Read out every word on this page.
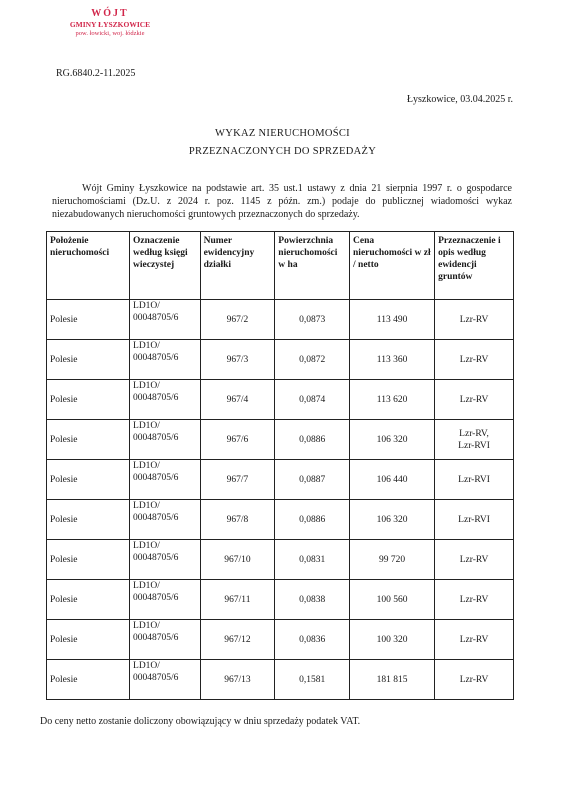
WÓJT
GMINY ŁYSZKOWICE
pow. łowicki, woj. łódzkie
RG.6840.2-11.2025
Łyszkowice, 03.04.2025 r.
WYKAZ NIERUCHOMOŚCI
PRZEZNACZONYCH DO SPRZEDAŻY
Wójt Gminy Łyszkowice na podstawie art. 35 ust.1 ustawy z dnia 21 sierpnia 1997 r. o gospodarce nieruchomościami (Dz.U. z 2024 r. poz. 1145 z późn. zm.) podaje do publicznej wiadomości wykaz niezabudowanych nieruchomości gruntowych przeznaczonych do sprzedaży.
Położenie nieruchomości	Oznaczenie według księgi wieczystej	Numer ewidencyjny działki	Powierzchnia nieruchomości w ha	Cena nieruchomości w zł / netto	Przeznaczenie i opis według ewidencji gruntów
Polesie	LD1O/
00048705/6	967/2	0,0873	113 490	Lzr-RV
Polesie	LD1O/
00048705/6	967/3	0,0872	113 360	Lzr-RV
Polesie	LD1O/
00048705/6	967/4	0,0874	113 620	Lzr-RV
Polesie	LD1O/
00048705/6	967/6	0,0886	106 320	Lzr-RV,
Lzr-RVI
Polesie	LD1O/
00048705/6	967/7	0,0887	106 440	Lzr-RVI
Polesie	LD1O/
00048705/6	967/8	0,0886	106 320	Lzr-RVI
Polesie	LD1O/
00048705/6	967/10	0,0831	99 720	Lzr-RV
Polesie	LD1O/
00048705/6	967/11	0,0838	100 560	Lzr-RV
Polesie	LD1O/
00048705/6	967/12	0,0836	100 320	Lzr-RV
Polesie	LD1O/
00048705/6	967/13	0,1581	181 815	Lzr-RV
Do ceny netto zostanie doliczony obowiązujący w dniu sprzedaży podatek VAT.
